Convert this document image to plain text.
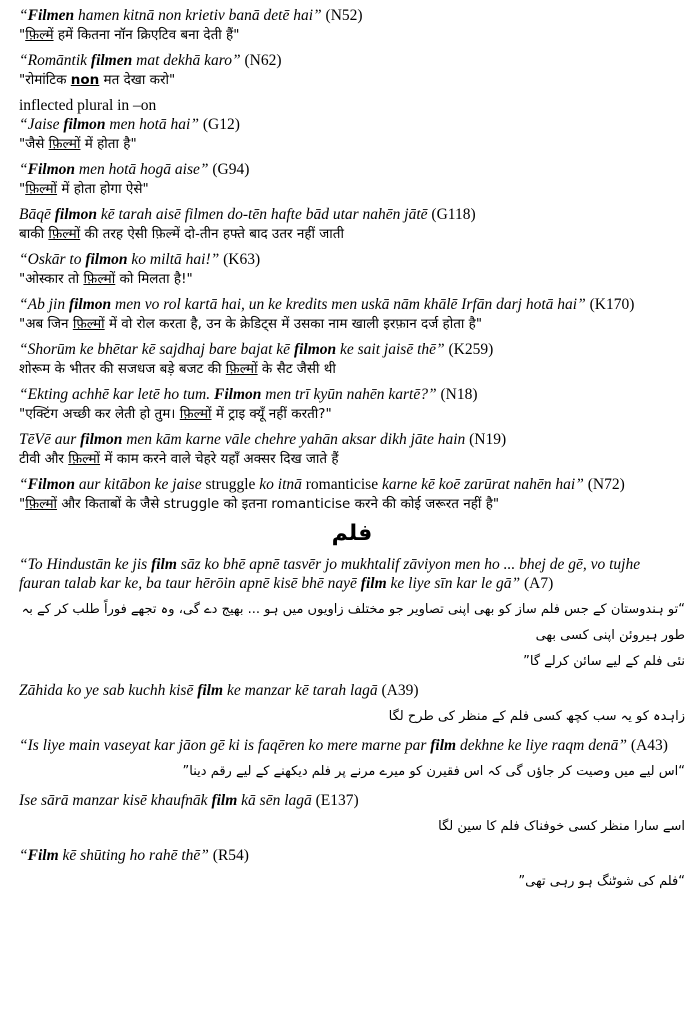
“Filmen hamen kitnā non krietiv banā detē hai” (N52)
"फ़िल्में हमें कितना नॉन क्रिएटिव बना देती हैं"
“Romāntik filmen mat dekhā karo” (N62)
"रोमांटिक non मत देखा करो"
inflected plural in –on
“Jaise filmon men hotā hai” (G12)
"जैसे फ़िल्मों में होता है"
“Filmon men hotā hogā aise” (G94)
"फ़िल्मों में होता होगा ऐसे"
Bāqē filmon kē tarah aisē filmen do-tēn hafte bād utar nahēn jātē (G118)
बाकी फ़िल्मों की तरह ऐसी फ़िल्में दो-तीन हफ्ते बाद उतर नहीं जाती
“Oskār to filmon ko miltā hai!” (K63)
"ओस्कार तो फ़िल्मों को मिलता है!"
“Ab jin filmon men vo rol kartā hai, un ke kredits men uskā nām khālē Irfān darj hotā hai” (K170)
"अब जिन फ़िल्मों में वो रोल करता है, उन के क्रेडिट्स में उसका नाम खाली इरफ़ान दर्ज होता है"
“Shorūm ke bhētar kē sajdhaj bare bajat kē filmon ke sait jaisē thē” (K259)
शोरूम के भीतर की सजधज बड़े बजट की फ़िल्मों के सैट जैसी थी
“Ekting achhē kar letē ho tum. Filmon men trī kyūn nahēn kartē?” (N18)
"एक्टिंग अच्छी कर लेती हो तुम। फ़िल्मों में ट्राइ क्यूँ नहीं करती?"
TēVē aur filmon men kām karne vāle chehre yahān aksar dikh jāte hain (N19)
टीवी और फ़िल्मों में काम करने वाले चेहरे यहाँ अक्सर दिख जाते हैं
“Filmon aur kitābon ke jaise struggle ko itnā romanticise karne kē koē zarūrat nahēn hai” (N72)
"फ़िल्मों और किताबों के जैसे struggle को इतना romanticise करने की कोई जरूरत नहीं है"
فلم
“To Hindustān ke jis film sāz ko bhē apnē tasvēr jo mukhtalif zāviyon men ho ... bhej de gē, vo tujhe fauran talab kar ke, ba taur hērōin apnē kisē bhē nayē film ke liye sīn kar le gā” (A7)
“تو ہندوستان کے جس فلم ساز کو بھی اپنی تصاویر جو مختلف زاویوں میں ہو ... بھیج دے گی، وہ تجھے فوراً طلب کر کے بہ طور ہیروئن اپنی کسی بھی
نئی فلم کے لیے سائن کرلے گا”
Zāhida ko ye sab kuchh kisē film ke manzar kē tarah lagā (A39)
زاہدہ کو یہ سب کچھ کسی فلم کے منظر کی طرح لگا
“Is liye main vaseyat kar jāon gē ki is faqēren ko mere marne par film dekhne ke liye raqm denā” (A43)
“اس لیے میں وصیت کر جاؤں گی کہ اس فقیرن کو میرے مرنے پر فلم دیکھنے کے لیے رقم دینا”
Ise sārā manzar kisē khaufnāk film kā sēn lagā (E137)
اسے سارا منظر کسی خوفناک فلم کا سین لگا
“Film kē shūting ho rahē thē” (R54)
“فلم کی شوٹنگ ہو رہی تھی”
